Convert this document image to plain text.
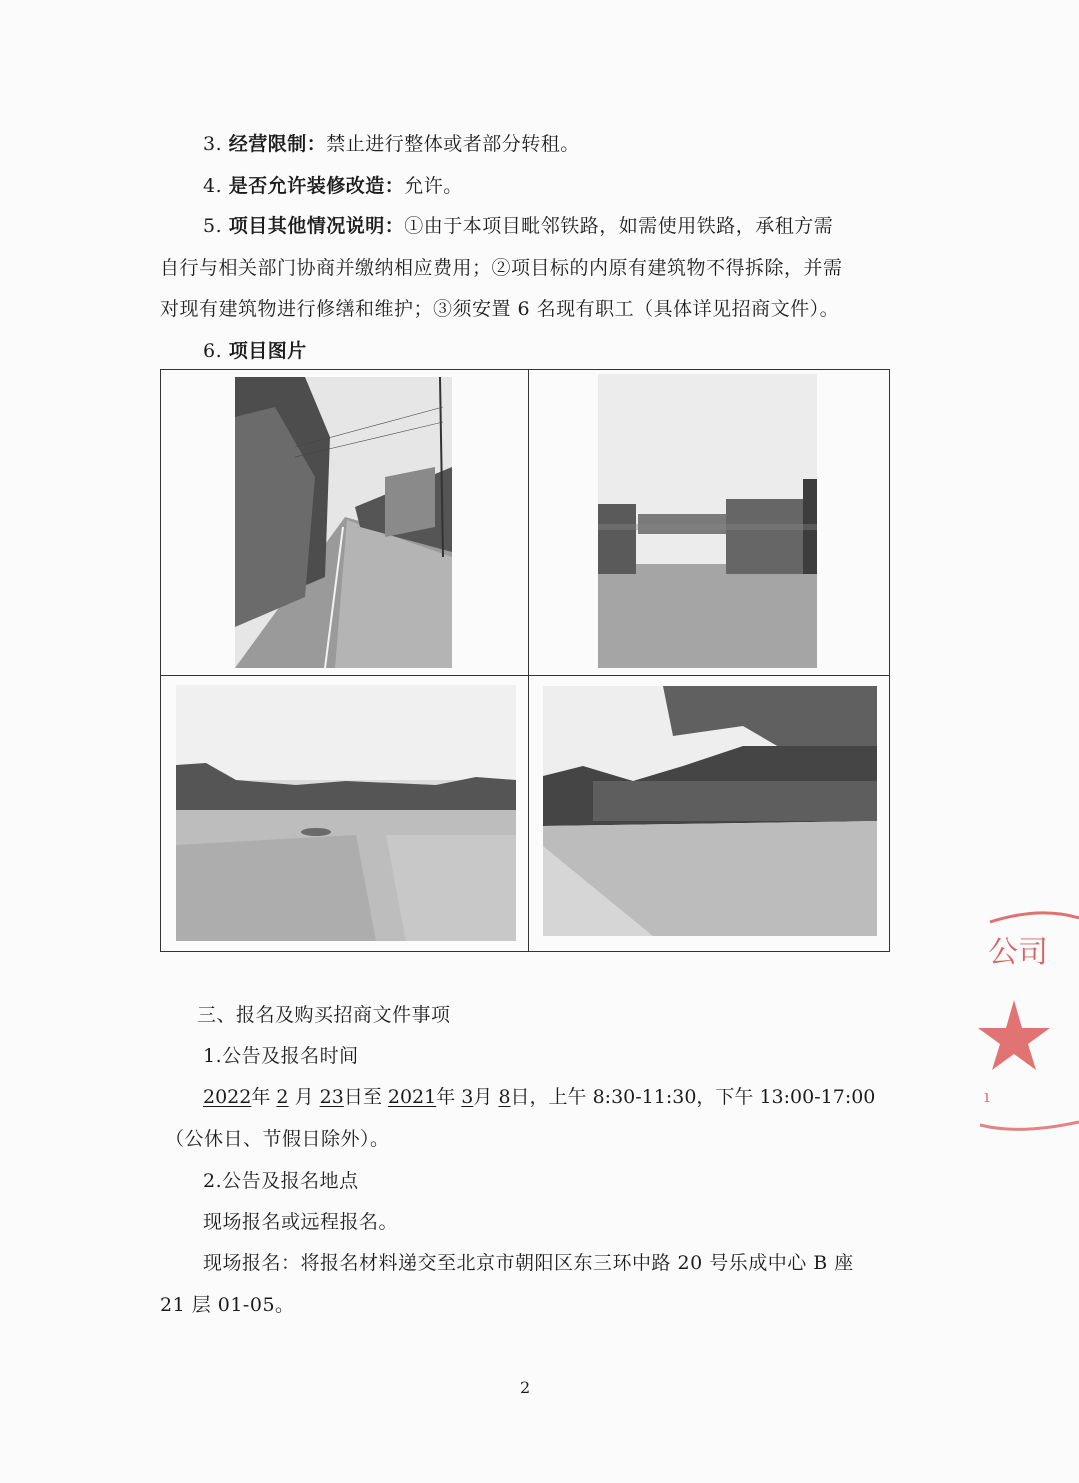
3. 经营限制：禁止进行整体或者部分转租。
4. 是否允许装修改造：允许。
5. 项目其他情况说明：①由于本项目毗邻铁路，如需使用铁路，承租方需
自行与相关部门协商并缴纳相应费用；②项目标的内原有建筑物不得拆除，并需
对现有建筑物进行修缮和维护；③须安置 6 名现有职工（具体详见招商文件）。
6. 项目图片
三、报名及购买招商文件事项
1.公告及报名时间
2022年 2 月 23日至 2021年 3月 8日，上午 8:30-11:30，下午 13:00-17:00
（公休日、节假日除外）。
2.公告及报名地点
现场报名或远程报名。
现场报名：将报名材料递交至北京市朝阳区东三环中路 20 号乐成中心 B 座
21 层 01-05。
2
公司
ı
